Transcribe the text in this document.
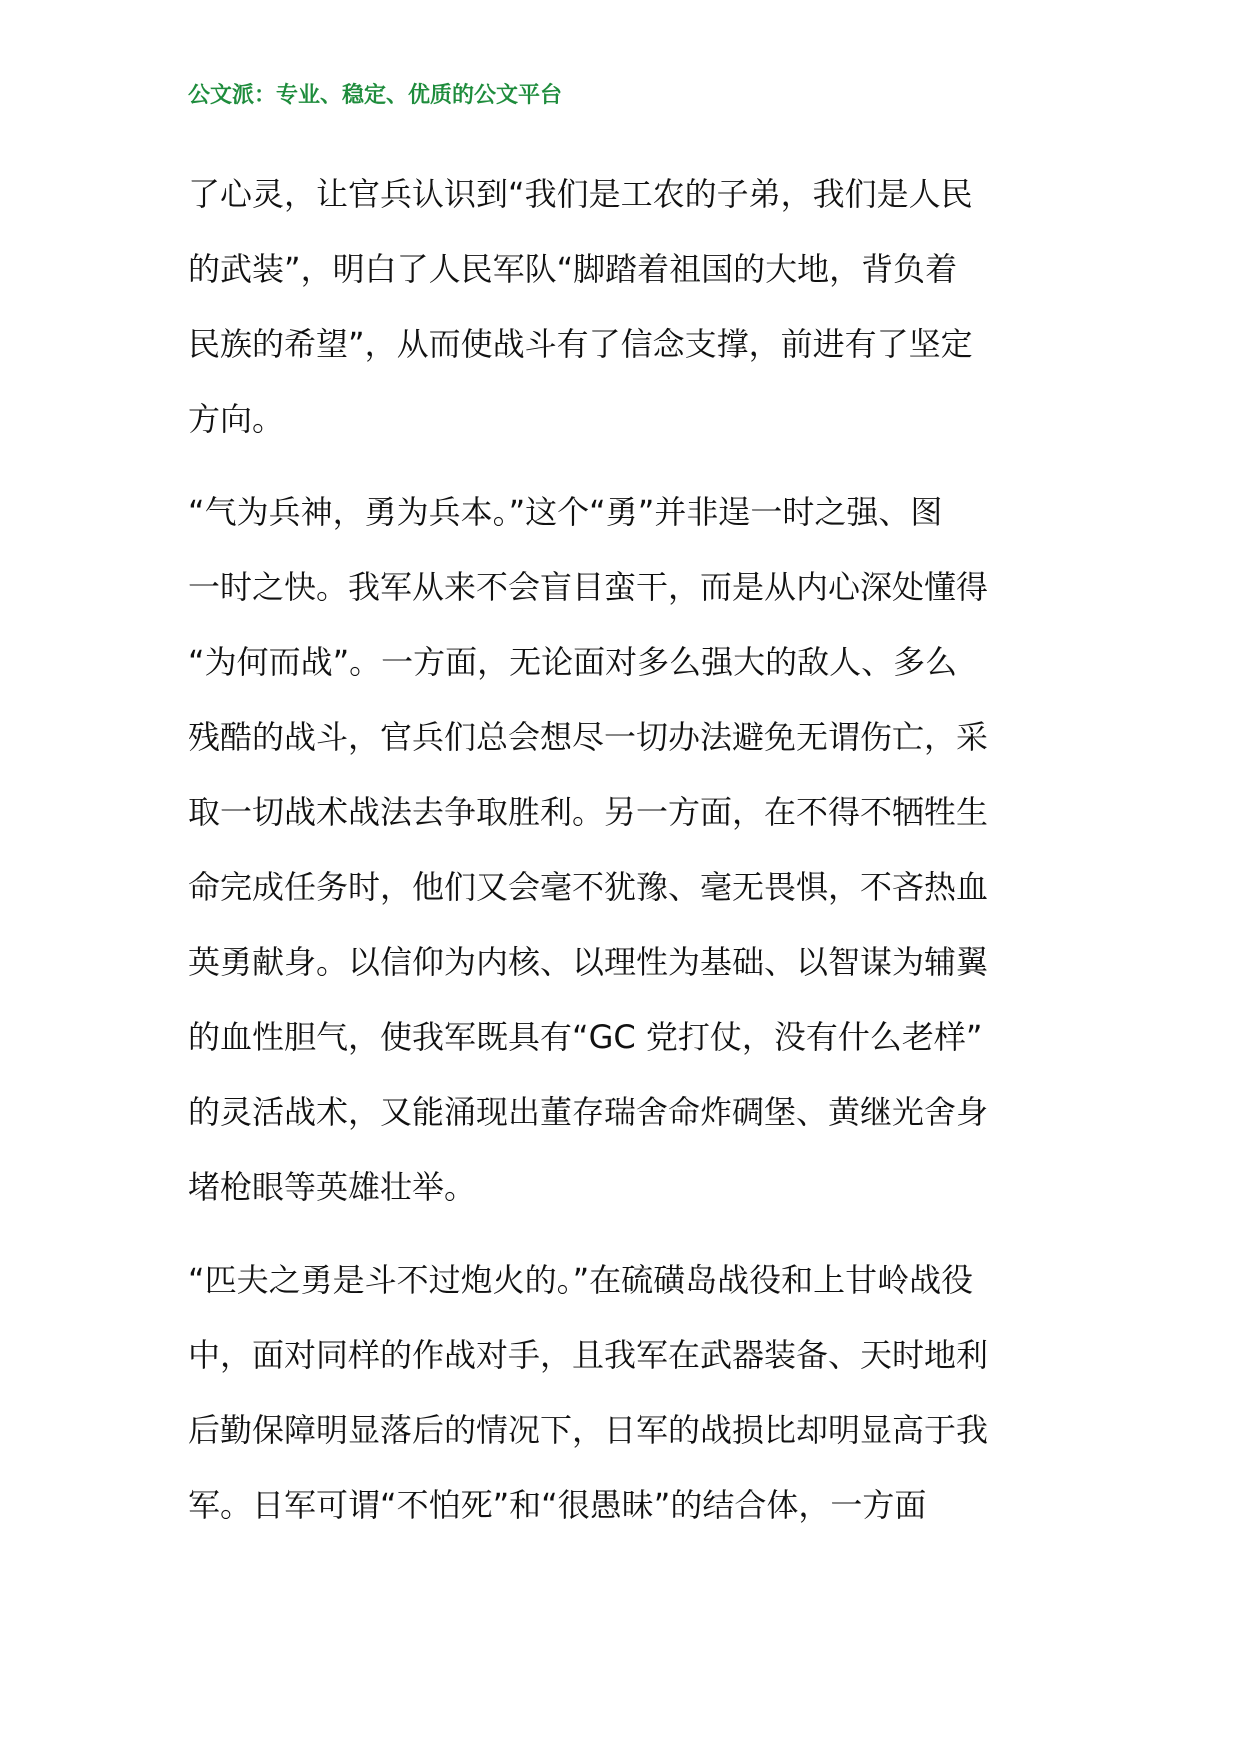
公文派：专业、稳定、优质的公文平台
了心灵，让官兵认识到“我们是工农的子弟，我们是人民
的武装”，明白了人民军队“脚踏着祖国的大地，背负着
民族的希望”，从而使战斗有了信念支撑，前进有了坚定
方向。
“气为兵神，勇为兵本。”这个“勇”并非逞一时之强、图
一时之快。我军从来不会盲目蛮干，而是从内心深处懂得
“为何而战”。一方面，无论面对多么强大的敌人、多么
残酷的战斗，官兵们总会想尽一切办法避免无谓伤亡，采
取一切战术战法去争取胜利。另一方面，在不得不牺牲生
命完成任务时，他们又会毫不犹豫、毫无畏惧，不吝热血
英勇献身。以信仰为内核、以理性为基础、以智谋为辅翼
的血性胆气，使我军既具有“GC 党打仗，没有什么老样”
的灵活战术，又能涌现出董存瑞舍命炸碉堡、黄继光舍身
堵枪眼等英雄壮举。
“匹夫之勇是斗不过炮火的。”在硫磺岛战役和上甘岭战役
中，面对同样的作战对手，且我军在武器装备、天时地利
后勤保障明显落后的情况下，日军的战损比却明显高于我
军。日军可谓“不怕死”和“很愚昧”的结合体，一方面
